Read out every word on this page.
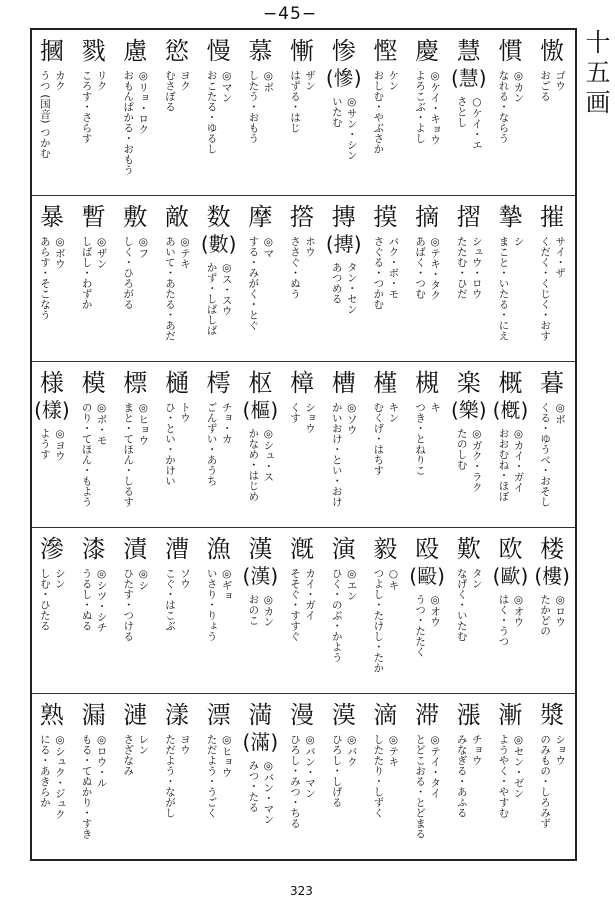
−45−
十
五
画
慠
ゴウ
おごる
慣
◎カン
なれる・ならう
慧
(慧)
○ケイ・エ
さとし
慶
◎ケイ・キョウ
よろこぶ・よし
慳
ケン
おしむ・やぶさか
惨
(慘)
◎サン・シン
いたむ
慚
ザン
はずる・はじ
慕
◎ボ
したう・おもう
慢
◎マン
おこたる・ゆるし
慾
ヨク
むさぼる
慮
◎リョ・ロク
おもんぱかる・おもう
戮
リク
ころす・さらす
摑
カク
うつ (国音) つかむ
摧
サイ・ザ
くだく・くじく・おす
摯
シ
まこと・いたる・にえ
摺
シュウ・ロウ
たたむ・ひだ
摘
◎テキ・タク
あばく・つむ
摸
バク・ボ・モ
さぐる・つかむ
摶
(摶)
タン・セン
あつめる
撘
ホウ
ささぐ・ぬう
摩
◎マ
する・みがく・とぐ
数
(數)
◎ス・スウ
かず・しばしば
敵
◎テキ
あいて・あたる・あだ
敷
◎フ
しく・ひろがる
暫
◎ザン
しばし・わずか
暴
◎ボウ
あらす・そこなう
暮
◎ボ
くる・ゆうべ・おそし
概
(槪)
◎カイ・ガイ
おおむね・ほぼ
楽
(樂)
◎ガク・ラク
たのしむ
槻
キ
つき・とねりこ
槿
キン
むくげ・はちす
槽
◎ソウ
かいおけ・とい・おけ
樟
ショウ
くす
枢
(樞)
◎シュ・ス
かなめ・はじめ
樗
チョ・カ
ごんずい・あうち
樋
トウ
ひ・とい・かけい
標
◎ヒョウ
まと・てほん・しるす
模
◎ボ・モ
のり・てほん・もよう
様
(樣)
◎ヨウ
ようす
楼
(樓)
◎ロウ
たかどの
欧
(歐)
◎オウ
はく・うつ
歎
タン
なげく・いたむ
殴
(毆)
◎オウ
うつ・たたく
毅
○キ
つよし・たけし・たか
演
◎エン
ひく・のぶ・かよう
漑
カイ・ガイ
そそぐ・すすぐ
漢
(漢)
◎カン
おのこ
漁
◎ギョ
いさり・りょう
漕
ソウ
こぐ・はこぶ
漬
◎シ
ひたす・つける
漆
◎シツ・シチ
うるし・ぬる
滲
シン
しむ・ひたる
漿
ショウ
のみもの・しろみず
漸
◎セン・ゼン
ようやく・やすむ
漲
チョウ
みなぎる・あふる
滞
◎テイ・タイ
とどこおる・とどまる
滴
◎テキ
したたり・しずく
漠
◎バク
ひろし・しげる
漫
◎バン・マン
ひろし・みつ・ちる
満
(滿)
◎バン・マン
みつ・たる
漂
◎ヒョウ
ただよう・うごく
漾
ヨウ
ただよう・ながし
漣
レン
さざなみ
漏
◎ロウ・ル
もる・てぬかり・すき
熟
◎シュク・ジュク
にる・あきらか
323
